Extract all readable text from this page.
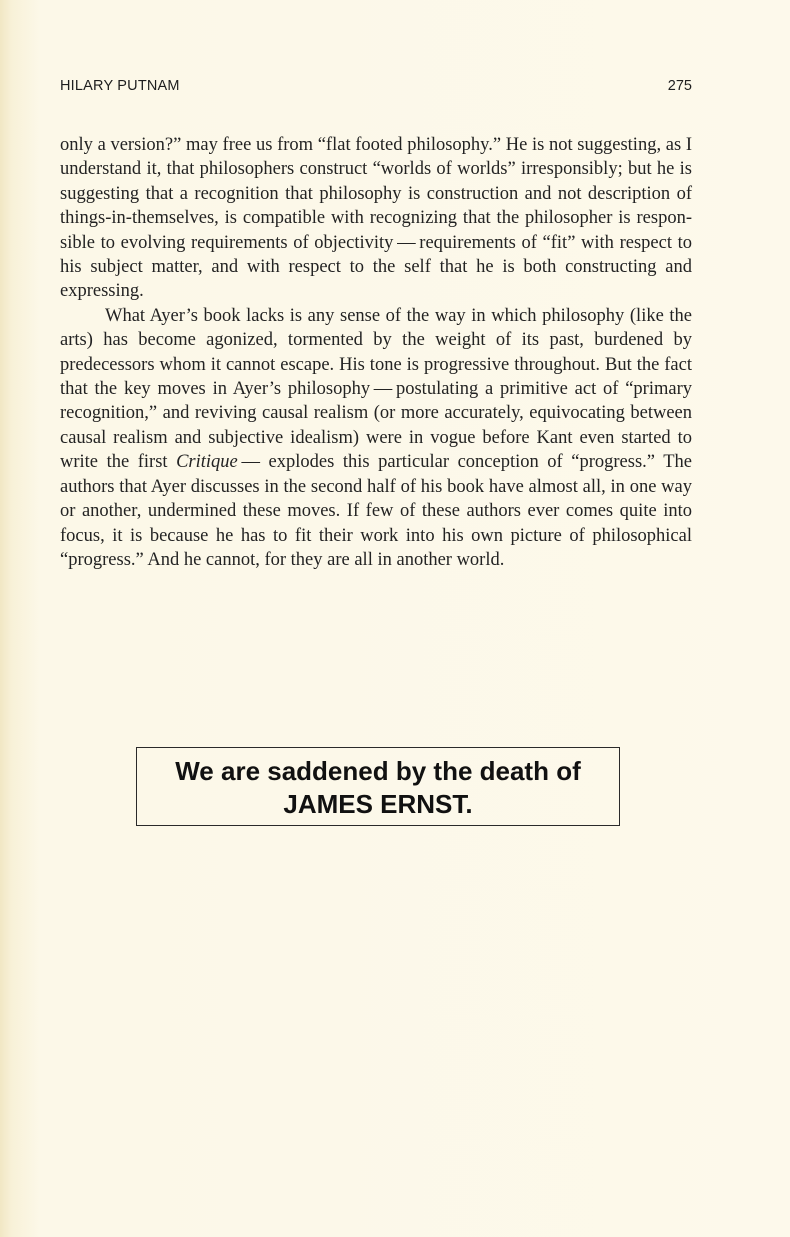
HILARY PUTNAM	275

only a version?” may free us from “flat footed philosophy.” He is not suggesting, as I understand it, that philosophers construct “worlds of worlds” irresponsibly; but he is suggesting that a recognition that philosophy is construction and not description of things-in-themselves, is compatible with recognizing that the philosopher is responsible to evolving requirements of objectivity — requirements of “fit” with respect to his subject matter, and with respect to the self that he is both constructing and expressing.

What Ayer’s book lacks is any sense of the way in which philosophy (like the arts) has become agonized, tormented by the weight of its past, burdened by predecessors whom it cannot escape. His tone is progressive throughout. But the fact that the key moves in Ayer’s philosophy — postulating a primitive act of “primary recognition,” and reviving causal realism (or more accurately, equivocating between causal realism and subjective idealism) were in vogue before Kant even started to write the first Critique — explodes this particular conception of “progress.” The authors that Ayer discusses in the second half of his book have almost all, in one way or another, undermined these moves. If few of these authors ever comes quite into focus, it is because he has to fit their work into his own picture of philosophical “progress.” And he cannot, for they are all in another world.

We are saddened by the death of
JAMES ERNST.
